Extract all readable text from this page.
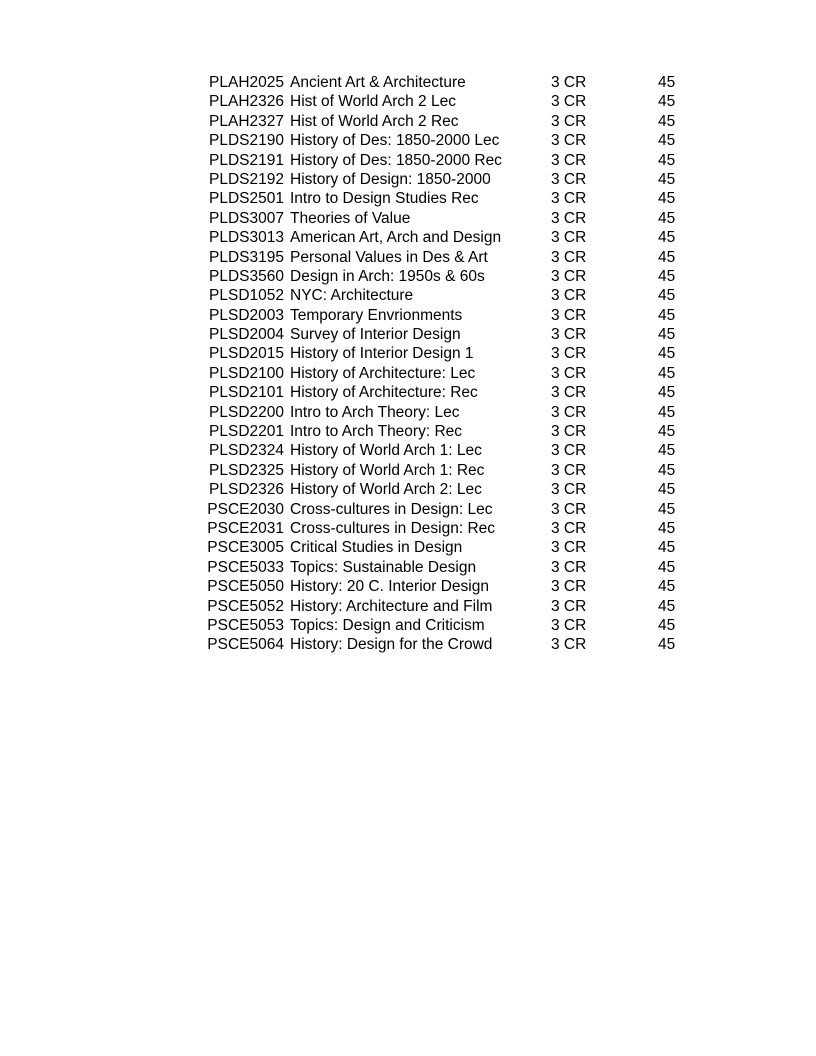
PLAH2025 Ancient Art & Architecture	3 CR	45
PLAH2326 Hist of World Arch 2 Lec	3 CR	45
PLAH2327 Hist of World Arch 2 Rec	3 CR	45
PLDS2190 History of Des: 1850-2000 Lec	3 CR	45
PLDS2191 History of Des: 1850-2000 Rec	3 CR	45
PLDS2192 History of Design: 1850-2000	3 CR	45
PLDS2501 Intro to Design Studies Rec	3 CR	45
PLDS3007 Theories of Value	3 CR	45
PLDS3013 American Art, Arch and Design	3 CR	45
PLDS3195 Personal Values in Des & Art	3 CR	45
PLDS3560 Design in Arch: 1950s & 60s	3 CR	45
PLSD1052 NYC: Architecture	3 CR	45
PLSD2003 Temporary Envrionments	3 CR	45
PLSD2004 Survey of Interior Design	3 CR	45
PLSD2015 History of Interior Design 1	3 CR	45
PLSD2100 History of Architecture: Lec	3 CR	45
PLSD2101 History of Architecture: Rec	3 CR	45
PLSD2200 Intro to Arch Theory: Lec	3 CR	45
PLSD2201 Intro to Arch Theory: Rec	3 CR	45
PLSD2324 History of World Arch 1: Lec	3 CR	45
PLSD2325 History of World Arch 1: Rec	3 CR	45
PLSD2326 History of World Arch 2: Lec	3 CR	45
PSCE2030 Cross-cultures in Design: Lec	3 CR	45
PSCE2031 Cross-cultures in Design: Rec	3 CR	45
PSCE3005 Critical Studies in Design	3 CR	45
PSCE5033 Topics: Sustainable Design	3 CR	45
PSCE5050 History: 20 C. Interior Design	3 CR	45
PSCE5052 History: Architecture and Film	3 CR	45
PSCE5053 Topics: Design and Criticism	3 CR	45
PSCE5064 History: Design for the Crowd	3 CR	45
